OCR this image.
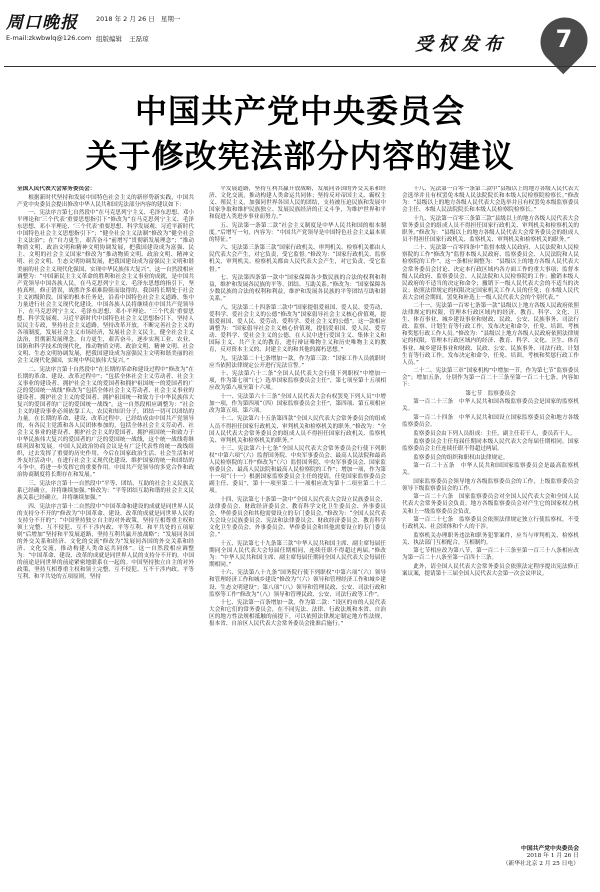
周口晚报	2018 年 2 月 26 日 星期一
E-mail:zkwbwlq@126.com 组版编辑 王磊琼	受权发布	7
中国共产党中央委员会
关于修改宪法部分内容的建议

全国人民代表大会常务委员会：

根据新时代坚持和发展中国特色社会主义的新形势新实践，中国共产党中央委员会提出修改中华人民共和国宪法部分内容的建议如下：

一、宪法序言第七自然段中“在马克思列宁主义、毛泽东思想、邓小平理论和‘三个代表’重要思想指引下”修改为“在马克思列宁主义、毛泽东思想、邓小平理论、‘三个代表’重要思想、科学发展观、习近平新时代中国特色社会主义思想指引下”；“健全社会主义法制”修改为“健全社会主义法治”；在“自力更生，艰苦奋斗”前增写“贯彻新发展理念”；“推动物质文明、政治文明和精神文明协调发展，把我国建设成为富强、民主、文明的社会主义国家”修改为“推动物质文明、政治文明、精神文明、社会文明、生态文明协调发展，把我国建设成为富强民主文明和谐美丽的社会主义现代化强国，实现中华民族伟大复兴”。这一自然段相应调整为：“中国新民主主义革命的胜利和社会主义事业的成就，是中国共产党领导中国各族人民，在马克思列宁主义、毛泽东思想的指引下，坚持真理，修正错误，战胜许多艰难险阻而取得的。我国将长期处于社会主义初级阶段。国家的根本任务是，沿着中国特色社会主义道路，集中力量进行社会主义现代化建设。中国各族人民将继续在中国共产党领导下，在马克思列宁主义、毛泽东思想、邓小平理论、‘三个代表’重要思想、科学发展观、习近平新时代中国特色社会主义思想指引下，坚持人民民主专政，坚持社会主义道路，坚持改革开放，不断完善社会主义的各项制度，发展社会主义市场经济，发展社会主义民主，健全社会主义法治，贯彻新发展理念，自力更生，艰苦奋斗，逐步实现工业、农业、国防和科学技术的现代化，推动物质文明、政治文明、精神文明、社会文明、生态文明协调发展，把我国建设成为富强民主文明和谐美丽的社会主义现代化强国，实现中华民族伟大复兴。”

二、宪法序言第十自然段中“在长期的革命和建设过程中”修改为“在长期的革命、建设、改革过程中”；“包括全体社会主义劳动者、社会主义事业的建设者、拥护社会主义的爱国者和拥护祖国统一的爱国者的广泛的爱国统一战线”修改为“包括全体社会主义劳动者、社会主义事业的建设者、拥护社会主义的爱国者、拥护祖国统一和致力于中华民族伟大复兴的爱国者的广泛的爱国统一战线”。这一自然段相应调整为：“社会主义的建设事业必须依靠工人、农民和知识分子，团结一切可以团结的力量。在长期的革命、建设、改革过程中，已经结成由中国共产党领导的，有各民主党派和各人民团体参加的，包括全体社会主义劳动者、社会主义事业的建设者、拥护社会主义的爱国者、拥护祖国统一和致力于中华民族伟大复兴的爱国者的广泛的爱国统一战线，这个统一战线将继续巩固和发展。中国人民政治协商会议是有广泛代表性的统一战线组织，过去发挥了重要的历史作用，今后在国家政治生活、社会生活和对外友好活动中，在进行社会主义现代化建设、维护国家的统一和团结的斗争中，将进一步发挥它的重要作用。中国共产党领导的多党合作和政治协商制度将长期存在和发展。”

三、宪法序言第十一自然段中“平等、团结、互助的社会主义民族关系已经确立，并将继续加强。”修改为：“平等团结互助和谐的社会主义民族关系已经确立，并将继续加强。”

四、宪法序言第十二自然段中“中国革命和建设的成就是同世界人民的支持分不开的”修改为“中国革命、建设、改革的成就是同世界人民的支持分不开的”；“中国坚持独立自主的对外政策，坚持互相尊重主权和领土完整、互不侵犯、互不干涉内政、平等互利、和平共处的五项原则”后增加“坚持和平发展道路，坚持互利共赢开放战略”；“发展同各国的外交关系和经济、文化的交流”修改为“发展同各国的外交关系和经济、文化交流，推动构建人类命运共同体”。这一自然段相应调整为：“中国革命、建设、改革的成就是同世界人民的支持分不开的。中国的前途是同世界的前途紧密地联系在一起的。中国坚持独立自主的对外政策，坚持互相尊重主权和领土完整、互不侵犯、互不干涉内政、平等互利、和平共处的五项原则，坚持

平发展道路，坚持互利共赢开放战略，发展同各国的外交关系和经济、文化交流，推动构建人类命运共同体；坚持反对帝国主义、霸权主义、殖民主义，加强同世界各国人民的团结，支持被压迫民族和发展中国家争取和维护民族独立、发展民族经济的正义斗争，为维护世界和平和促进人类进步事业而努力。”

五、宪法第一条第二款“社会主义制度是中华人民共和国的根本制度。”后增写一句，内容为：“中国共产党领导是中国特色社会主义最本质的特征。”

六、宪法第三条第三款“国家行政机关、审判机关、检察机关都由人民代表大会产生，对它负责，受它监督。”修改为：“国家行政机关、监察机关、审判机关、检察机关都由人民代表大会产生，对它负责，受它监督。”

七、宪法第四条第一款中“国家保障各少数民族的合法的权利和利益，维护和发展各民族的平等、团结、互助关系。”修改为：“国家保障各少数民族的合法的权利和利益，维护和发展各民族的平等团结互助和谐关系。”

八、宪法第二十四条第二款中“国家提倡爱祖国、爱人民、爱劳动、爱科学、爱社会主义的公德”修改为“国家倡导社会主义核心价值观，提倡爱祖国、爱人民、爱劳动、爱科学、爱社会主义的公德”。这一款相应调整为：“国家倡导社会主义核心价值观，提倡爱祖国、爱人民、爱劳动、爱科学、爱社会主义的公德，在人民中进行爱国主义、集体主义和国际主义、共产主义的教育，进行辩证唯物主义和历史唯物主义的教育，反对资本主义的、封建主义的和其他的腐朽思想。”

九、宪法第二十七条增加一款，作为第三款：“国家工作人员就职时应当依照法律规定公开进行宪法宣誓。”

十、宪法第六十二条“全国人民代表大会行使下列职权”中增加一项，作为第七项“（七）选举国家监察委员会主任”，第七项至第十五项相应改为第八项至第十六项。

十一、宪法第六十三条“全国人民代表大会有权罢免下列人员”中增加一项，作为第四项“（四）国家监察委员会主任”，第四项、第五项相应改为第五项、第六项。

十二、宪法第六十五条第四款“全国人民代表大会常务委员会的组成人员不得担任国家行政机关、审判机关和检察机关的职务。”修改为：“全国人民代表大会常务委员会的组成人员不得担任国家行政机关、监察机关、审判机关和检察机关的职务。”

十三、宪法第六十七条“全国人民代表大会常务委员会行使下列职权”中第六项“（六）监督国务院、中央军事委员会、最高人民法院和最高人民检察院的工作”修改为“（六）监督国务院、中央军事委员会、国家监察委员会、最高人民法院和最高人民检察院的工作”；增加一项，作为第十一项“（十一）根据国家监察委员会主任的提请，任免国家监察委员会副主任、委员”，第十一项至第二十一项相应改为第十二项至第二十二项。

十四、宪法第七十条第一款中“全国人民代表大会设立民族委员会、法律委员会、财政经济委员会、教育科学文化卫生委员会、外事委员会、华侨委员会和其他需要设立的专门委员会。”修改为：“全国人民代表大会设立民族委员会、宪法和法律委员会、财政经济委员会、教育科学文化卫生委员会、外事委员会、华侨委员会和其他需要设立的专门委员会。”

十五、宪法第七十九条第三款“中华人民共和国主席、副主席每届任期同全国人民代表大会每届任期相同，连续任职不得超过两届。”修改为：“中华人民共和国主席、副主席每届任期同全国人民代表大会每届任期相同。”

十六、宪法第八十九条“国务院行使下列职权”中第六项“（六）领导和管理经济工作和城乡建设”修改为“（六）领导和管理经济工作和城乡建设、生态文明建设”；第八项“（八）领导和管理民政、公安、司法行政和监察等工作”修改为“（八）领导和管理民政、公安、司法行政等工作”。

十七、宪法第一百条增加一款，作为第二款：“设区的市的人民代表大会和它们的常务委员会，在不同宪法、法律、行政法规和本省、自治区的地方性法规相抵触的前提下，可以依照法律规定制定地方性法规，报本省、自治区人民代表大会常务委员会批准后施行。”

十八、宪法第一百零一条第二款中“县级以上的地方各级人民代表大会选举并且有权罢免本级人民法院院长和本级人民检察院检察长。”修改为：“县级以上的地方各级人民代表大会选举并且有权罢免本级监察委员会主任、本级人民法院院长和本级人民检察院检察长。”

十九、宪法第一百零三条第三款“县级以上的地方各级人民代表大会常务委员会的组成人员不得担任国家行政机关、审判机关和检察机关的职务。”修改为：“县级以上的地方各级人民代表大会常务委员会的组成人员不得担任国家行政机关、监察机关、审判机关和检察机关的职务。”

二十、宪法第一百零四条中“监督本级人民政府、人民法院和人民检察院的工作”修改为“监督本级人民政府、监察委员会、人民法院和人民检察院的工作”。这一条相应调整为：“县级以上的地方各级人民代表大会常务委员会讨论、决定本行政区域内各方面工作的重大事项；监督本级人民政府、监察委员会、人民法院和人民检察院的工作；撤销本级人民政府的不适当的决定和命令；撤销下一级人民代表大会的不适当的决议；依照法律规定的权限决定国家机关工作人员的任免；在本级人民代表大会闭会期间，罢免和补选上一级人民代表大会的个别代表。”

二十一、宪法第一百零七条第一款“县级以上地方各级人民政府依照法律规定的权限，管理本行政区域内的经济、教育、科学、文化、卫生、体育事业、城乡建设事业和财政、民政、公安、民族事务、司法行政、监察、计划生育等行政工作，发布决定和命令，任免、培训、考核和奖惩行政工作人员。”修改为：“县级以上地方各级人民政府依照法律规定的权限，管理本行政区域内的经济、教育、科学、文化、卫生、体育事业、城乡建设事业和财政、民政、公安、民族事务、司法行政、计划生育等行政工作，发布决定和命令，任免、培训、考核和奖惩行政工作人员。”

二十二、宪法第三章“国家机构”中增加一节，作为第七节“监察委员会”；增加五条，分别作为第一百二十三条至第一百二十七条。内容如下：

第七节　监察委员会

第一百二十三条　中华人民共和国各级监察委员会是国家的监察机关。

第一百二十四条　中华人民共和国设立国家监察委员会和地方各级监察委员会。

监察委员会由下列人员组成：主任，副主任若干人，委员若干人。

监察委员会主任每届任期同本级人民代表大会每届任期相同。国家监察委员会主任连续任职不得超过两届。

监察委员会的组织和职权由法律规定。

第一百二十五条　中华人民共和国国家监察委员会是最高监察机关。

国家监察委员会领导地方各级监察委员会的工作，上级监察委员会领导下级监察委员会的工作。

第一百二十六条　国家监察委员会对全国人民代表大会和全国人民代表大会常务委员会负责。地方各级监察委员会对产生它的国家权力机关和上一级监察委员会负责。

第一百二十七条　监察委员会依照法律规定独立行使监察权，不受行政机关、社会团体和个人的干涉。

监察机关办理职务违法和职务犯罪案件，应当与审判机关、检察机关、执法部门互相配合，互相制约。

第七节相应改为第八节，第一百二十三条至第一百三十八条相应改为第一百二十八条至第一百四十三条。

此外，请全国人民代表大会常务委员会依照法定程序提出宪法修正案议案，提请第十三届全国人民代表大会第一次会议审议。

中国共产党中央委员会
2018 年 1 月 26 日
（新华社北京 2 月 25 日电）
